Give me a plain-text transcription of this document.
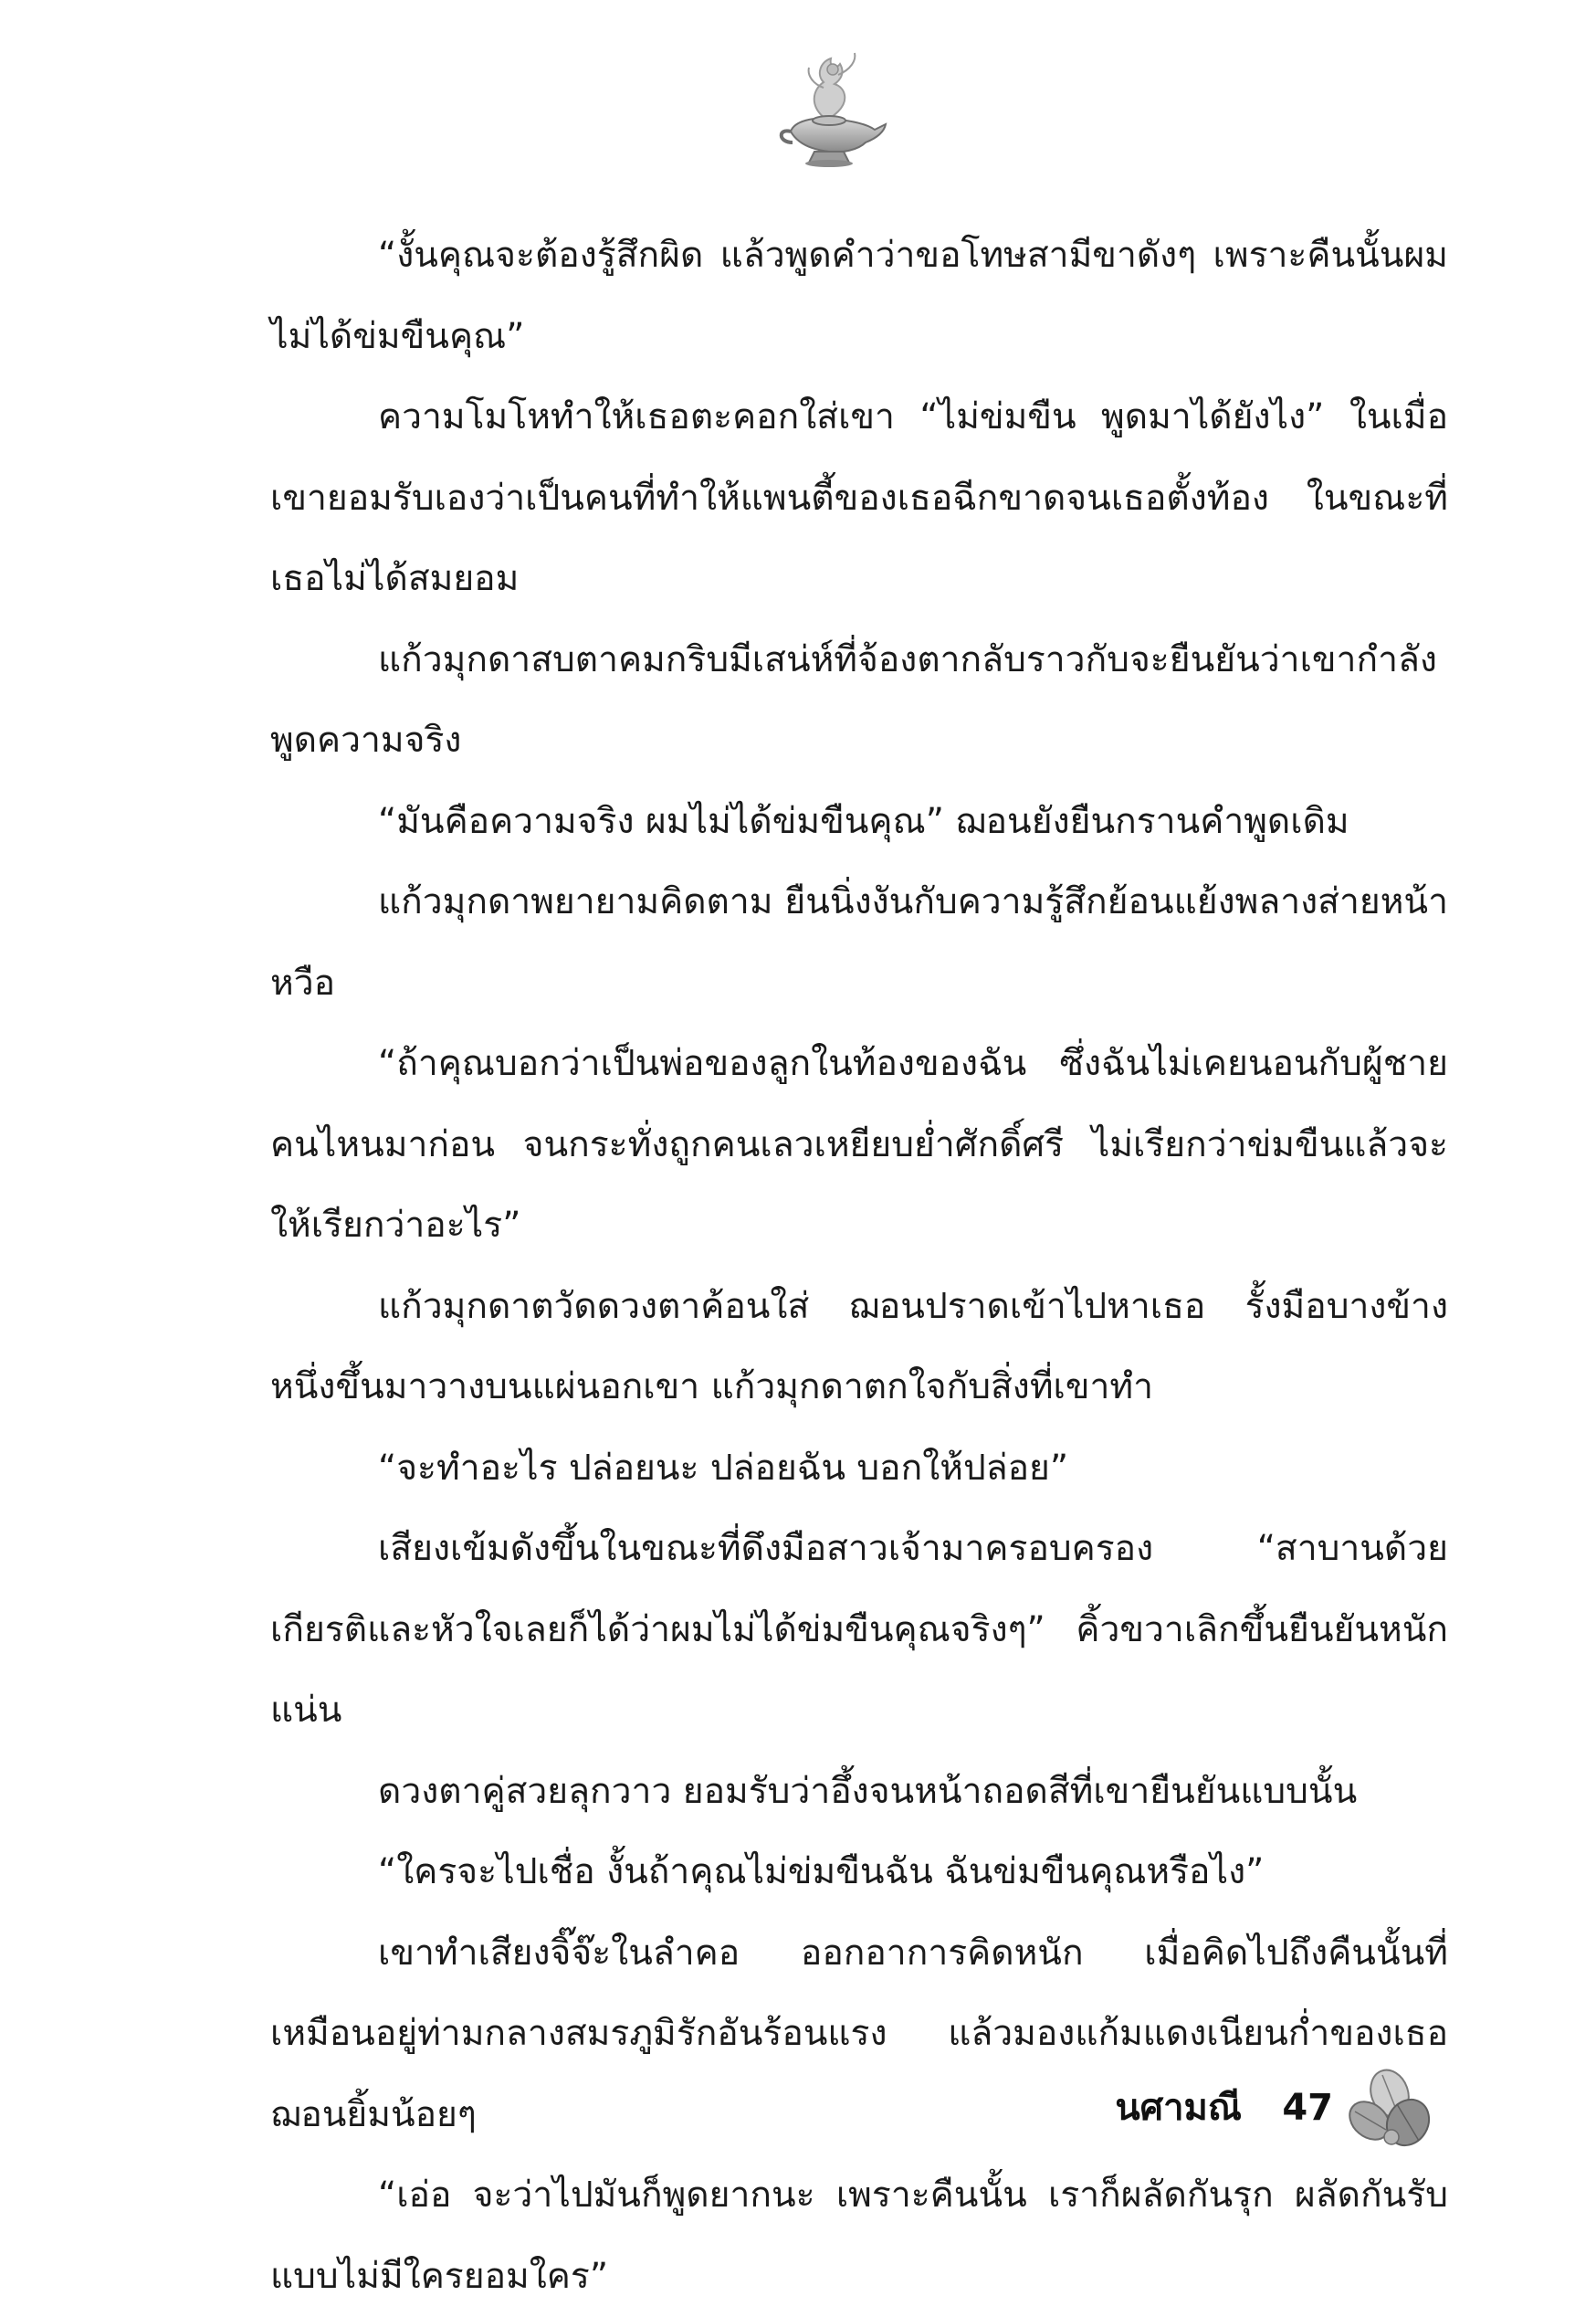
“งั้นคุณจะต้องรู้สึกผิด แล้วพูดคำว่าขอโทษสามีขาดังๆ เพราะคืนนั้นผมไม่ได้ข่มขืนคุณ”

ความโมโหทำให้เธอตะคอกใส่เขา “ไม่ข่มขืน พูดมาได้ยังไง” ในเมื่อเขายอมรับเองว่าเป็นคนที่ทำให้แพนตี้ของเธอฉีกขาดจนเธอตั้งท้อง ในขณะที่เธอไม่ได้สมยอม

แก้วมุกดาสบตาคมกริบมีเสน่ห์ที่จ้องตากลับราวกับจะยืนยันว่าเขากำลังพูดความจริง

“มันคือความจริง ผมไม่ได้ข่มขืนคุณ” ฌอนยังยืนกรานคำพูดเดิม

แก้วมุกดาพยายามคิดตาม ยืนนิ่งงันกับความรู้สึกย้อนแย้งพลางส่ายหน้าหวือ

“ถ้าคุณบอกว่าเป็นพ่อของลูกในท้องของฉัน ซึ่งฉันไม่เคยนอนกับผู้ชายคนไหนมาก่อน จนกระทั่งถูกคนเลวเหยียบย่ำศักดิ์ศรี ไม่เรียกว่าข่มขืนแล้วจะให้เรียกว่าอะไร”

แก้วมุกดาตวัดดวงตาค้อนใส่ ฌอนปราดเข้าไปหาเธอ รั้งมือบางข้างหนึ่งขึ้นมาวางบนแผ่นอกเขา แก้วมุกดาตกใจกับสิ่งที่เขาทำ

“จะทำอะไร ปล่อยนะ ปล่อยฉัน บอกให้ปล่อย”

เสียงเข้มดังขึ้นในขณะที่ดึงมือสาวเจ้ามาครอบครอง “สาบานด้วยเกียรติและหัวใจเลยก็ได้ว่าผมไม่ได้ข่มขืนคุณจริงๆ” คิ้วขวาเลิกขึ้นยืนยันหนักแน่น

ดวงตาคู่สวยลุกวาว ยอมรับว่าอึ้งจนหน้าถอดสีที่เขายืนยันแบบนั้น

“ใครจะไปเชื่อ งั้นถ้าคุณไม่ข่มขืนฉัน ฉันข่มขืนคุณหรือไง”

เขาทำเสียงจิ๊จ๊ะในลำคอ ออกอาการคิดหนัก เมื่อคิดไปถึงคืนนั้นที่เหมือนอยู่ท่ามกลางสมรภูมิรักอันร้อนแรง แล้วมองแก้มแดงเนียนก่ำของเธอ ฌอนยิ้มน้อยๆ

“เอ่อ จะว่าไปมันก็พูดยากนะ เพราะคืนนั้น เราก็ผลัดกันรุก ผลัดกันรับแบบไม่มีใครยอมใคร”

นศามณี 47
